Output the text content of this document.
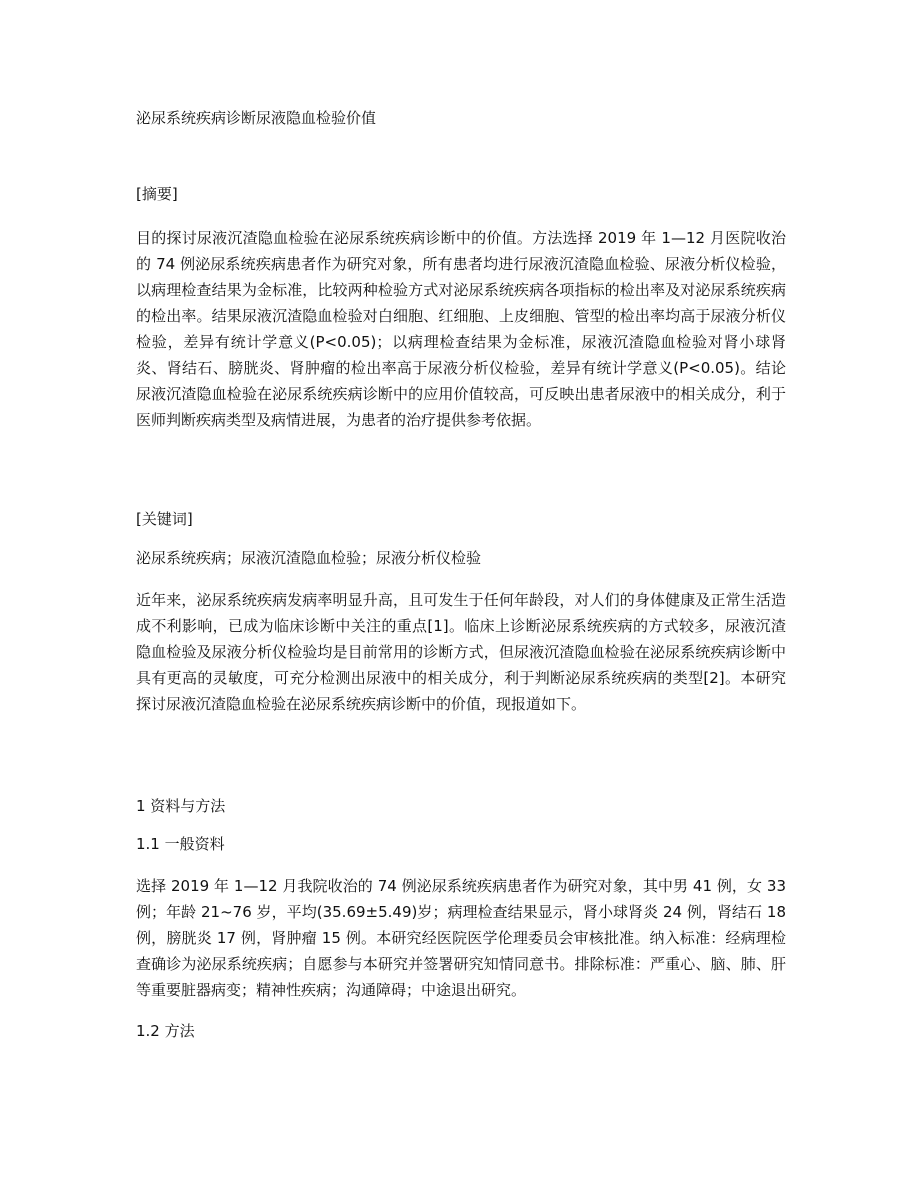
泌尿系统疾病诊断尿液隐血检验价值
[摘要]
目的探讨尿液沉渣隐血检验在泌尿系统疾病诊断中的价值。方法选择 2019 年 1—12 月医院收治的 74 例泌尿系统疾病患者作为研究对象，所有患者均进行尿液沉渣隐血检验、尿液分析仪检验，以病理检查结果为金标准，比较两种检验方式对泌尿系统疾病各项指标的检出率及对泌尿系统疾病的检出率。结果尿液沉渣隐血检验对白细胞、红细胞、上皮细胞、管型的检出率均高于尿液分析仪检验，差异有统计学意义(P<0.05)；以病理检查结果为金标准，尿液沉渣隐血检验对肾小球肾炎、肾结石、膀胱炎、肾肿瘤的检出率高于尿液分析仪检验，差异有统计学意义(P<0.05)。结论尿液沉渣隐血检验在泌尿系统疾病诊断中的应用价值较高，可反映出患者尿液中的相关成分，利于医师判断疾病类型及病情进展，为患者的治疗提供参考依据。
[关键词]
泌尿系统疾病；尿液沉渣隐血检验；尿液分析仪检验
近年来，泌尿系统疾病发病率明显升高，且可发生于任何年龄段，对人们的身体健康及正常生活造成不利影响，已成为临床诊断中关注的重点[1]。临床上诊断泌尿系统疾病的方式较多，尿液沉渣隐血检验及尿液分析仪检验均是目前常用的诊断方式，但尿液沉渣隐血检验在泌尿系统疾病诊断中具有更高的灵敏度，可充分检测出尿液中的相关成分，利于判断泌尿系统疾病的类型[2]。本研究探讨尿液沉渣隐血检验在泌尿系统疾病诊断中的价值，现报道如下。
1 资料与方法
1.1 一般资料
选择 2019 年 1—12 月我院收治的 74 例泌尿系统疾病患者作为研究对象，其中男 41 例，女 33 例；年龄 21~76 岁，平均(35.69±5.49)岁；病理检查结果显示，肾小球肾炎 24 例，肾结石 18 例，膀胱炎 17 例，肾肿瘤 15 例。本研究经医院医学伦理委员会审核批准。纳入标准：经病理检查确诊为泌尿系统疾病；自愿参与本研究并签署研究知情同意书。排除标准：严重心、脑、肺、肝等重要脏器病变；精神性疾病；沟通障碍；中途退出研究。
1.2 方法
